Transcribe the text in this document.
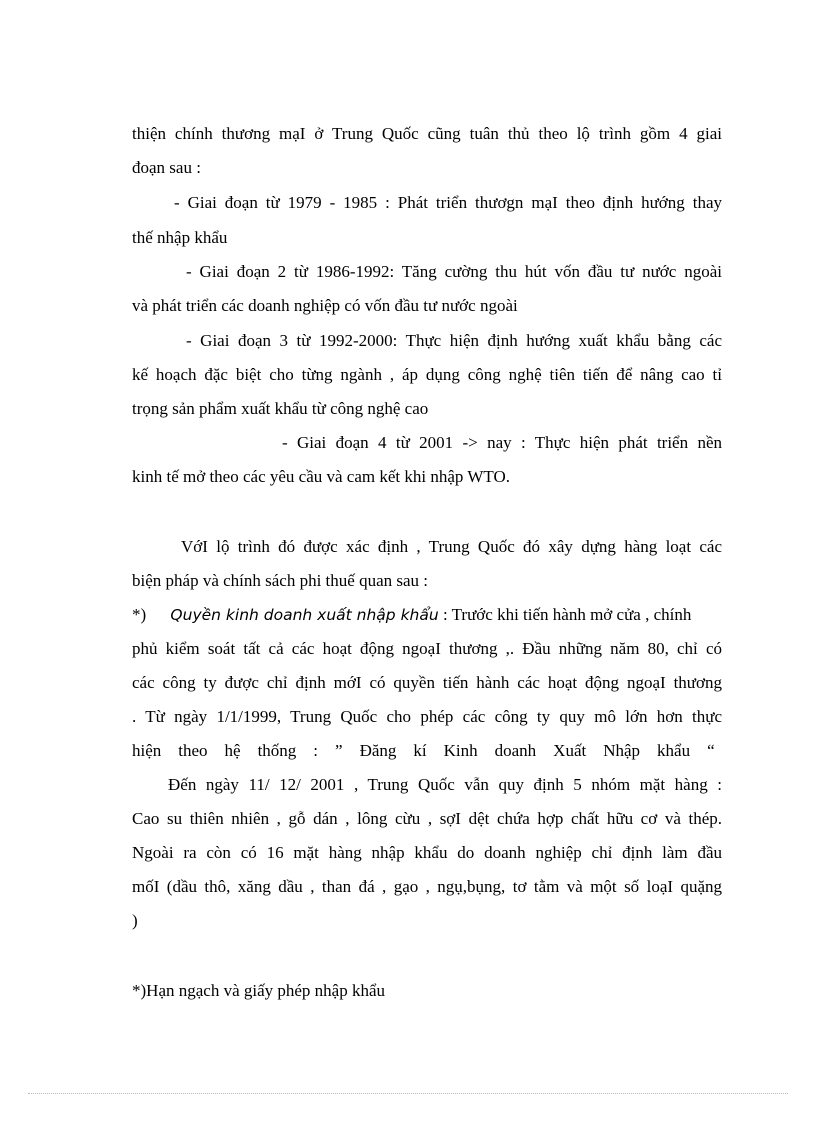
thiện chính thương mạI ở Trung Quốc cũng tuân thủ theo lộ trình gồm 4 giai

đoạn sau :

- Giai đoạn từ 1979 - 1985 : Phát triển thươgn mạI theo định hướng thay

thế nhập khẩu

- Giai đoạn 2 từ 1986-1992: Tăng cường thu hút vốn đầu tư nước ngoài

và phát triển các doanh nghiệp có vốn đầu tư nước ngoài

- Giai đoạn 3 từ 1992-2000: Thực hiện định hướng xuất khẩu bằng các

kế hoạch đặc biệt cho từng ngành , áp dụng công nghệ tiên tiến để nâng cao tỉ

trọng sản phẩm xuất khẩu từ công nghệ cao

- Giai đoạn 4 từ 2001 -> nay : Thực hiện phát triển nền

kinh tế mở theo các yêu cầu và cam kết khi nhập WTO.

VớI lộ trình đó được xác định , Trung Quốc đó xây dựng hàng loạt các

biện pháp và chính sách phi thuế quan sau :

*) Quyền kinh doanh xuất nhập khẩu : Trước khi tiến hành mở cửa , chính

phủ kiểm soát tất cả các hoạt động ngoạI thương ,. Đầu những năm 80, chỉ có

các công ty được chỉ định mớI có quyền tiến hành các hoạt động ngoạI thương

. Từ ngày 1/1/1999, Trung Quốc cho phép các công ty quy mô lớn hơn thực

hiện    theo    hệ    thống    :    ”    Đăng    kí    Kinh    doanh    Xuất    Nhập    khẩu    “

Đến ngày 11/ 12/ 2001 , Trung Quốc vẫn quy định 5 nhóm mặt hàng :

Cao su thiên nhiên , gỗ dán , lông cừu , sợI dệt chứa hợp chất hữu cơ và thép.

Ngoài ra còn có 16 mặt hàng nhập khẩu do doanh nghiệp chỉ định làm đầu

mốI (dầu thô, xăng dầu , than đá , gạo , ngụ,bụng, tơ tằm và một số loạI quặng

)

*)Hạn ngạch và giấy phép nhập khẩu
